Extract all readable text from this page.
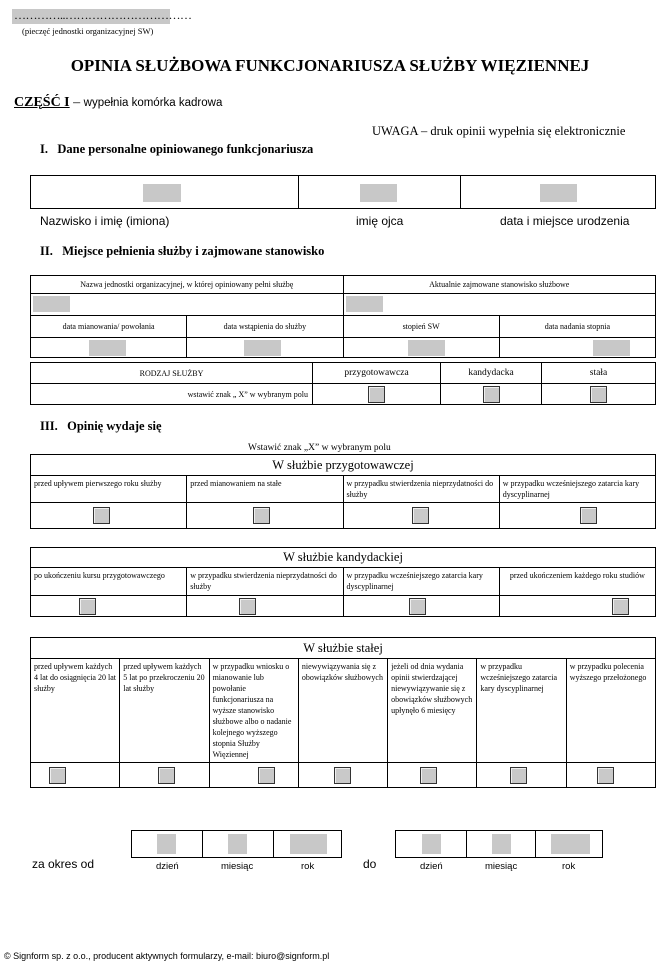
…………..……………………………
(pieczęć jednostki organizacyjnej SW)
OPINIA SŁUŻBOWA FUNKCJONARIUSZA SŁUŻBY WIĘZIENNEJ
CZĘŚĆ I – wypełnia komórka kadrowa
UWAGA – druk opinii wypełnia się elektronicznie
I.   Dane personalne opiniowanego funkcjonariusza

Nazwisko i imię (imiona)	imię ojca	data i miejsce urodzenia
II.   Miejsce pełnienia służby i zajmowane stanowisko
Nazwa jednostki organizacyjnej, w której opiniowany pełni służbę		Aktualnie zajmowane stanowisko służbowe	

data mianowania/ powołania	data wstąpienia do służby	stopień SW	data nadania stopnia

RODZAJ SŁUŻBY	przygotowawcza	kandydacka	stała
wstawić znak „ X” w wybranym polu	

III.   Opinię wydaje się
Wstawić znak „X” w wybranym polu
W służbie przygotowawczej			
przed upływem pierwszego roku służby	przed mianowaniem na stałe	w przypadku stwierdzenia nieprzydatności do służby	w przypadku wcześniejszego zatarcia kary dyscyplinarnej

W służbie kandydackiej			
po ukończeniu kursu przygotowawczego	w przypadku stwierdzenia nieprzydatności do służby	w przypadku wcześniejszego zatarcia kary dyscyplinarnej	przed ukończeniem każdego roku studiów

W służbie stałej						
przed upływem każdych 4 lat do osiągnięcia 20 lat służby	przed upływem każdych 5 lat po przekroczeniu 20 lat służby	w przypadku wniosku o mianowanie lub powołanie funkcjonariusza na wyższe stanowisko służbowe albo o nadanie kolejnego wyższego stopnia Służby Więziennej	niewywiązywania się z obowiązków służbowych	jeżeli od dnia wydania opinii stwierdzającej niewywiązywanie się z obowiązków służbowych upłynęło 6 miesięcy	w przypadku wcześniejszego zatarcia kary dyscyplinarnej	w przypadku polecenia wyższego przełożonego

za okres od

		dzień	miesiąc	rok	do

		dzień	miesiąc	rok
© Signform sp. z o.o., producent aktywnych formularzy, e-mail: biuro@signform.pl
